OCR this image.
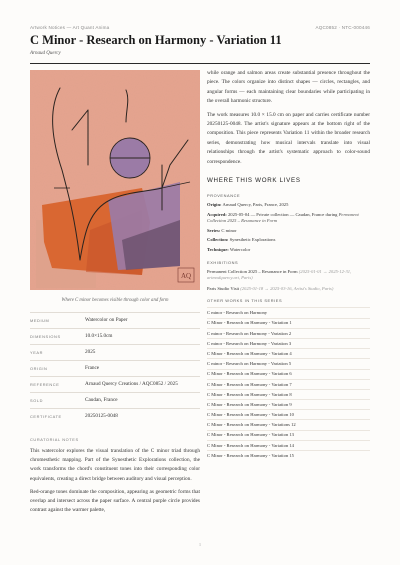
Artwork Notices — Art Quant Anima	AQC0852 · NTC-000446
C Minor - Research on Harmony - Variation 11
Arnaud Quercy
AQ
Where C minor becomes visible through color and form
MEDIUM	Watercolor on Paper
DIMENSIONS	10.0×15.0cm
YEAR	2025
ORIGIN	France
REFERENCE	Arnaud Quercy Creations / AQC0852 / 2025
SOLD	Caudan, France
CERTIFICATE	20250125-0048
CURATORIAL NOTES

This watercolor explores the visual translation of the C minor triad through chromesthetic mapping. Part of the Synesthetic Explorations collection, the work transforms the chord's constituent tones into their corresponding color equivalents, creating a direct bridge between auditory and visual perception.

Red-orange tones dominate the composition, appearing as geometric forms that overlap and intersect across the paper surface. A central purple circle provides contrast against the warmer palette,

while orange and salmon areas create substantial presence throughout the piece. The colors organize into distinct shapes — circles, rectangles, and angular forms — each maintaining clear boundaries while participating in the overall harmonic structure.

The work measures 10.0 × 15.0 cm on paper and carries certificate number 20250125-0048. The artist's signature appears at the bottom right of the composition. This piece represents Variation 11 within the broader research series, demonstrating how musical intervals translate into visual relationships through the artist's systematic approach to color-sound correspondence.

WHERE THIS WORK LIVES
PROVENANCE
Origin: Arnaud Quercy, Paris, France, 2025
Acquired: 2025-05-04 — Private collection — Caudan, France during Permanent Collection 2025 – Resonance in Form
Series: C minor
Collection: Synesthetic Explorations
Technique: Watercolor
EXHIBITIONS
Permanent Collection 2025 – Resonance in Form (2025-01-01 → 2025-12-31, artmodquercy.art, Paris)
Paris Studio Visit (2025-01-18 → 2025-03-16, Artist's Studio, Paris)
OTHER WORKS IN THIS SERIES
C minor - Research on Harmony
C Minor - Research on Harmony - Variation 1
C minor - Research on Harmony - Variation 2
C minor - Research on Harmony - Variation 3
C Minor - Research on Harmony - Variation 4
C minor - Research on Harmony - Variation 5
C Minor - Research on Harmony - Variation 6
C Minor - Research on Harmony - Variation 7
C Minor - Research on Harmony - Variation 8
C Minor - Research on Harmony - Variation 9
C Minor - Research on Harmony - Variation 10
C Minor - Research on Harmony - Variations 12
C Minor - Research on Harmony - Variation 13
C Minor - Research on Harmony - Variation 14
C Minor - Research on Harmony - Variation 15
1
